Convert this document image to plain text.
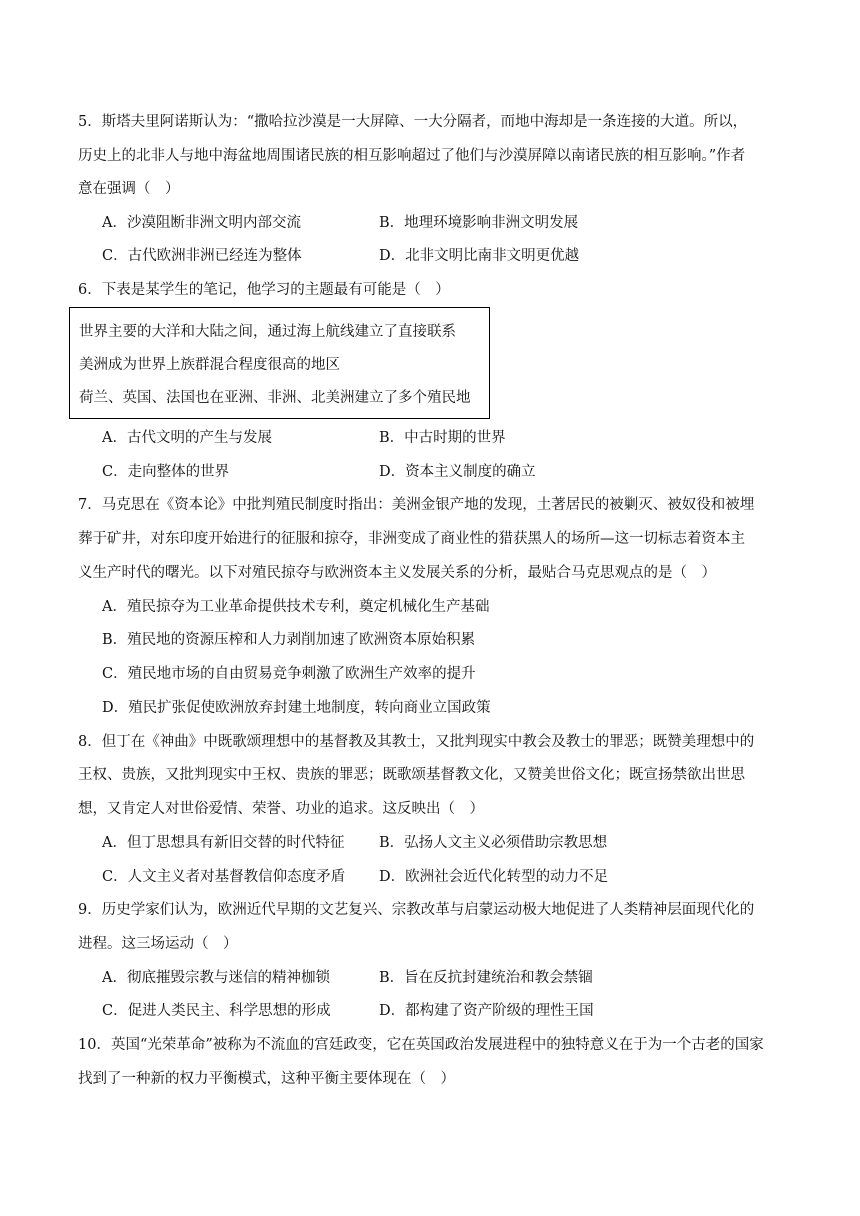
5．斯塔夫里阿诺斯认为：“撒哈拉沙漠是一大屏障、一大分隔者，而地中海却是一条连接的大道。所以，
历史上的北非人与地中海盆地周围诸民族的相互影响超过了他们与沙漠屏障以南诸民族的相互影响。”作者
意在强调（　）
A．沙漠阻断非洲文明内部交流	B．地理环境影响非洲文明发展
C．古代欧洲非洲已经连为整体	D．北非文明比南非文明更优越
6．下表是某学生的笔记，他学习的主题最有可能是（　）
世界主要的大洋和大陆之间，通过海上航线建立了直接联系
美洲成为世界上族群混合程度很高的地区
荷兰、英国、法国也在亚洲、非洲、北美洲建立了多个殖民地
A．古代文明的产生与发展	B．中古时期的世界
C．走向整体的世界	D．资本主义制度的确立
7．马克思在《资本论》中批判殖民制度时指出：美洲金银产地的发现，土著居民的被剿灭、被奴役和被埋
葬于矿井，对东印度开始进行的征服和掠夺，非洲变成了商业性的猎获黑人的场所—这一切标志着资本主
义生产时代的曙光。以下对殖民掠夺与欧洲资本主义发展关系的分析，最贴合马克思观点的是（　）
A．殖民掠夺为工业革命提供技术专利，奠定机械化生产基础
B．殖民地的资源压榨和人力剥削加速了欧洲资本原始积累
C．殖民地市场的自由贸易竞争刺激了欧洲生产效率的提升
D．殖民扩张促使欧洲放弃封建土地制度，转向商业立国政策
8．但丁在《神曲》中既歌颂理想中的基督教及其教士，又批判现实中教会及教士的罪恶；既赞美理想中的
王权、贵族，又批判现实中王权、贵族的罪恶；既歌颂基督教文化，又赞美世俗文化；既宣扬禁欲出世思
想，又肯定人对世俗爱情、荣誉、功业的追求。这反映出（　）
A．但丁思想具有新旧交替的时代特征 B．弘扬人文主义必须借助宗教思想
C．人文主义者对基督教信仰态度矛盾 D．欧洲社会近代化转型的动力不足
9．历史学家们认为，欧洲近代早期的文艺复兴、宗教改革与启蒙运动极大地促进了人类精神层面现代化的
进程。这三场运动（　）
A．彻底摧毁宗教与迷信的精神枷锁	B．旨在反抗封建统治和教会禁锢
C．促进人类民主、科学思想的形成	D．都构建了资产阶级的理性王国
10．英国“光荣革命”被称为不流血的宫廷政变，它在英国政治发展进程中的独特意义在于为一个古老的国家
找到了一种新的权力平衡模式，这种平衡主要体现在（　）
